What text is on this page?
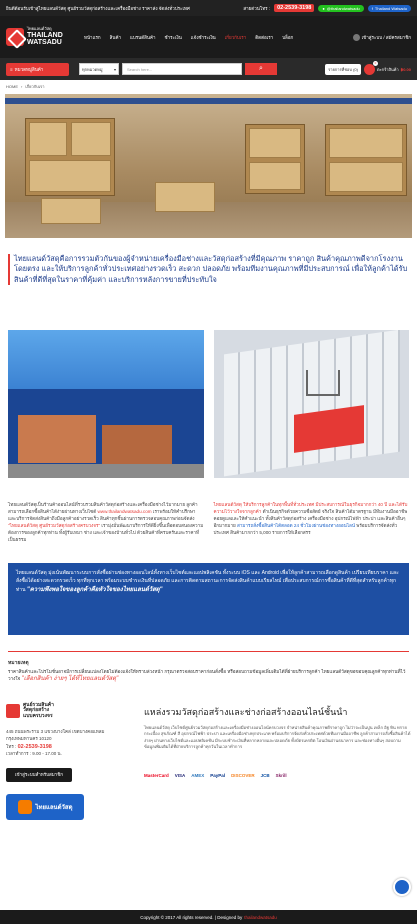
ยินดีต้อนรับเข้าสู่ไทยแลนด์วัสดุ ศูนย์รวมวัสดุก่อสร้างและเครื่องมือช่าง ราคาส่ง จัดส่งทั่วประเทศ	สายด่วนโทร :	02-2539-3198	● @thailandwatsadu	f Thailand Watsadu
ไทยแลนด์วัสดุ
THAILAND
WATSADU
หน้าแรก สินค้า แบรนด์สินค้า ชำระเงิน แจ้งชำระเงิน เกี่ยวกับเรา ติดต่อเรา บล็อก	เข้าสู่ระบบ / สมัครสมาชิก
≡ หมวดหมู่สินค้า	ทุกหมวดหมู่	▾	Search here...	⌕	รายการที่ชอบ (0)
0
ตะกร้าสินค้า ฿0.00
HOME › เกี่ยวกับเรา

ไทยแลนด์วัสดุคือการรวมตัวกันของผู้จำหน่ายเครื่องมือช่างและวัสดุก่อสร้างที่มีคุณภาพ ราคาถูก สินค้าคุณภาพดีจากโรงงานโดยตรง และให้บริการลูกค้าทั่วประเทศอย่างรวดเร็ว สะดวก ปลอดภัย พร้อมทีมงานคุณภาพที่มีประสบการณ์ เพื่อให้ลูกค้าได้รับสินค้าที่ดีที่สุดในราคาที่คุ้มค่า และบริการหลังการขายที่ประทับใจ

ไทยแลนด์วัสดุเป็นร้านค้าออนไลน์ที่รวบรวมสินค้าวัสดุก่อสร้างและเครื่องมือช่างไว้มากมาย ลูกค้าสามารถเลือกซื้อสินค้าได้ง่ายผ่านทางเว็บไซต์ www.thailandwatsadu.com เราพร้อมให้คำปรึกษาและบริการจัดส่งสินค้าถึงมือลูกค้าอย่างรวดเร็ว สินค้าทุกชิ้นผ่านการตรวจสอบคุณภาพก่อนจัดส่ง "ไทยแลนด์วัสดุ ศูนย์รวมวัสดุก่อสร้างครบวงจร" เรามุ่งมั่นพัฒนาบริการให้ดียิ่งขึ้นเพื่อตอบสนองความต้องการของลูกค้าทุกท่าน ทั้งผู้รับเหมา ช่าง และเจ้าของบ้านทั่วไป ด้วยสินค้าที่ครบครันและราคาที่เป็นธรรม
ไทยแลนด์วัสดุ ให้บริการลูกค้าในทุกพื้นที่ทั่วประเทศ มีประสบการณ์ในธุรกิจมากกว่า 40 ปี และได้รับความไว้วางใจจากลูกค้า ดำเนินธุรกิจด้วยความซื่อสัตย์ จริงใจ สินค้าได้มาตรฐาน มีทีมงานมืออาชีพคอยดูแลและให้คำแนะนำ ทั้งสินค้าวัสดุก่อสร้าง เครื่องมือช่าง อุปกรณ์ไฟฟ้า ประปา และสินค้าอื่นๆ อีกมากมาย สามารถสั่งซื้อสินค้าได้ตลอด 24 ชั่วโมงผ่านช่องทางออนไลน์ พร้อมบริการจัดส่งทั่วประเทศ สินค้ามากกว่า 5,000 รายการให้เลือกสรร
ไทยแลนด์วัสดุ มุ่งเน้นพัฒนาระบบการสั่งซื้อผ่านช่องทางออนไลน์ทั้งทางเว็บไซต์และแอปพลิเคชัน ทั้งระบบ iOS และ Android เพื่อให้ลูกค้าสามารถเลือกดูสินค้า เปรียบเทียบราคา และสั่งซื้อได้อย่างสะดวกรวดเร็ว ทุกที่ทุกเวลา พร้อมระบบชำระเงินที่ปลอดภัย และการติดตามสถานะการจัดส่งสินค้าแบบเรียลไทม์ เพื่อประสบการณ์การซื้อสินค้าที่ดีที่สุดสำหรับลูกค้าทุกท่าน "ความพึงพอใจของลูกค้าคือหัวใจของไทยแลนด์วัสดุ"
หมายเหตุ
ราคาสินค้าและโปรโมชั่นอาจมีการเปลี่ยนแปลงโดยไม่ต้องแจ้งให้ทราบล่วงหน้า กรุณาตรวจสอบราคาก่อนสั่งซื้อ หรือสอบถามข้อมูลเพิ่มเติมได้ที่ฝ่ายบริการลูกค้า ไทยแลนด์วัสดุขอขอบคุณลูกค้าทุกท่านที่ไว้วางใจ "เลือกสินค้า ง่ายๆ ได้ที่ไทยแลนด์วัสดุ"
ศูนย์รวมสินค้า
วัสดุก่อสร้าง
แบบครบวงจร
445 ถนนพระราม 3 แขวงบางโคล่ เขตบางคอแหลม กรุงเทพมหานคร 10120
โทร : 02-2539-3198
เวลาทำการ : 9.00 - 17.00 น.
เข้าสู่ระบบสำหรับสมาชิก
ไทยแลนด์วัสดุ
แหล่งรวมวัสดุก่อสร้างและช่างก่อสร้างออนไลน์ชั้นนำ
ไทยแลนด์วัสดุ เว็บไซต์ศูนย์รวมวัสดุก่อสร้างและเครื่องมือช่างออนไลน์ครบวงจร จำหน่ายสินค้าคุณภาพดีราคาถูก ไม่ว่าจะเป็นปูน เหล็ก อิฐ หิน ทราย กระเบื้อง สุขภัณฑ์ สี อุปกรณ์ไฟฟ้า ประปา และเครื่องมือช่างทุกประเภท พร้อมบริการจัดส่งทั่วประเทศด้วยทีมงานมืออาชีพ ลูกค้าสามารถสั่งซื้อสินค้าได้ง่ายๆ ผ่านทางเว็บไซต์และแอปพลิเคชัน มีระบบชำระเงินที่หลากหลายและปลอดภัย ทั้งบัตรเครดิต โอนเงินผ่านธนาคาร และช่องทางอื่นๆ สอบถามข้อมูลเพิ่มเติมได้ที่ฝ่ายบริการลูกค้าทุกวันในเวลาทำการ
MasterCard VISA AMEX PayPal DISCOVER JCB Skrill
Copyright © 2017 All rights reserved. | Designed by thailandwatsadu
